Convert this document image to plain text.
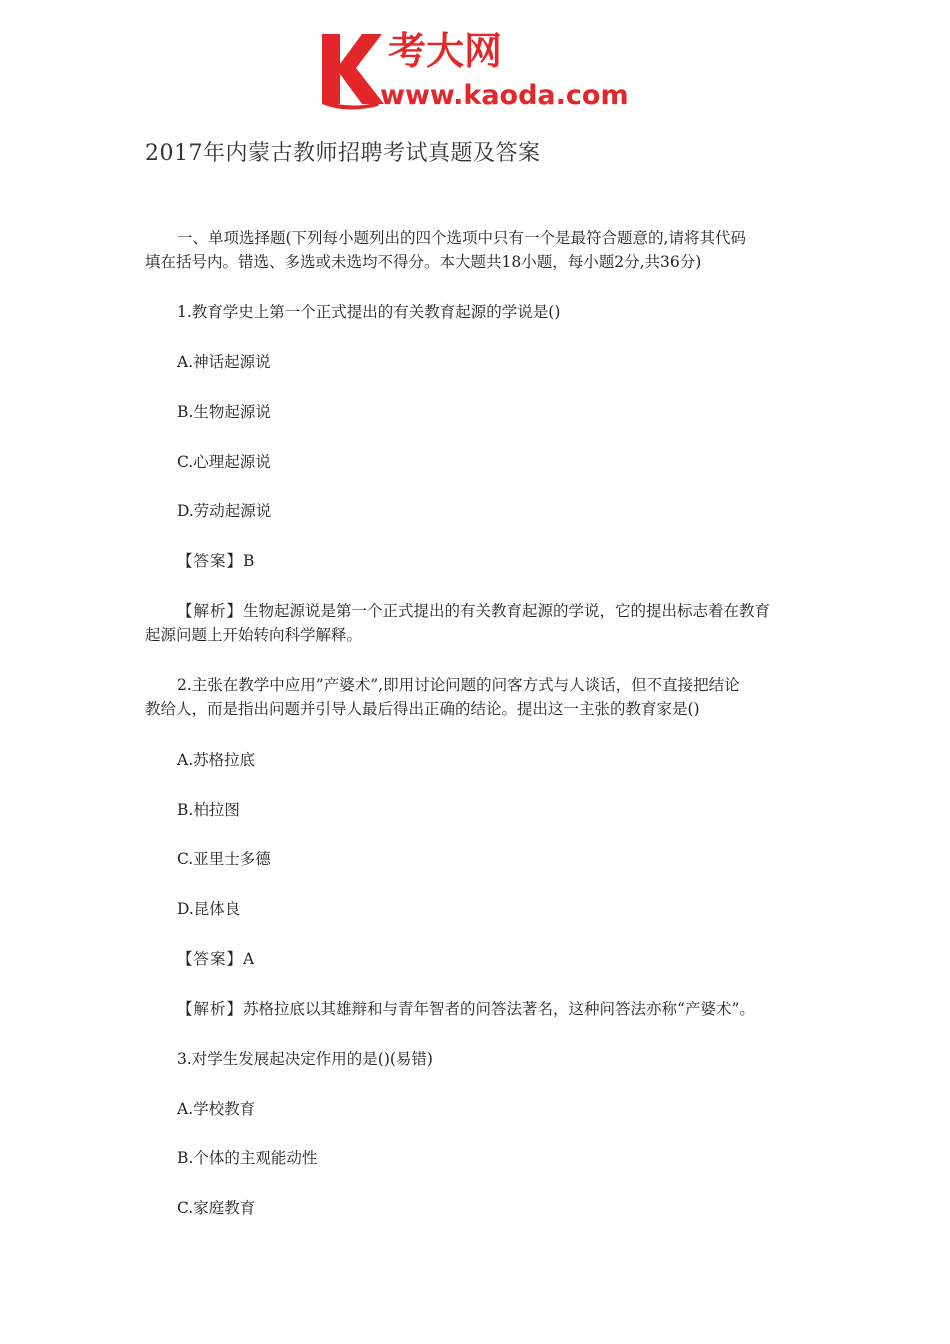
考大网
www.kaoda.com
2017年内蒙古教师招聘考试真题及答案
一、单项选择题(下列每小题列出的四个选项中只有一个是最符合题意的,请将其代码
填在括号内。错选、多选或未选均不得分。本大题共18小题，每小题2分,共36分)
1.教育学史上第一个正式提出的有关教育起源的学说是()
A.神话起源说
B.生物起源说
C.心理起源说
D.劳动起源说
【答案】B
【解析】生物起源说是第一个正式提出的有关教育起源的学说，它的提出标志着在教育
起源问题上开始转向科学解释。
2.主张在教学中应用”产婆术”,即用讨论问题的问客方式与人谈话，但不直接把结论
教给人，而是指出问题并引导人最后得出正确的结论。提出这一主张的教育家是()
A.苏格拉底
B.柏拉图
C.亚里士多德
D.昆体良
【答案】A
【解析】苏格拉底以其雄辩和与青年智者的问答法著名，这种问答法亦称“产婆术”。
3.对学生发展起决定作用的是()(易错)
A.学校教育
B.个体的主观能动性
C.家庭教育
